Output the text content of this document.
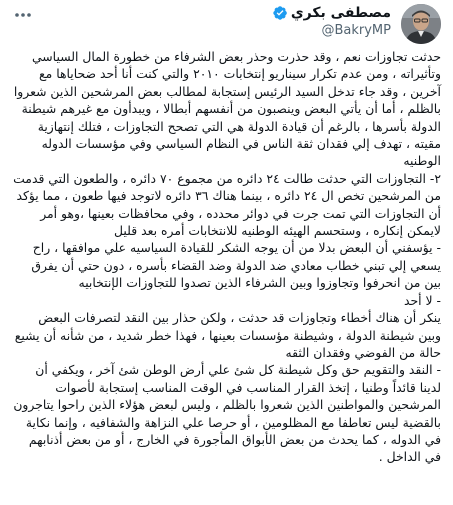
مصطفى بكري
@BakryMP

حدثت تجاوزات نعم ، وقد حذرت وحذر بعض الشرفاء من خطورة المال السياسي وتأثيراته ، ومن عدم تكرار سيناريو إنتخابات ٢٠١٠ والتي كنت أنا أحد ضحاياها مع آخرين ، وقد جاء تدخل السيد الرئيس إستجابة لمطالب بعض المرشحين الذين شعروا بالظلم ، أما أن يأتي البعض وينصبون من أنفسهم أبطالا ، ويبدأون مع غيرهم شيطنة الدولة بأسرها ، بالرغم أن قيادة الدولة هي التي تصحح التجاوزات ، فتلك إنتهازية مقيته ، تهدف إلي فقدان ثقة الناس في النظام السياسي وفي مؤسسات الدوله الوطنيه

٢- التجاوزات التي حدثت طالت ٢٤ دائره من مجموع ٧٠ دائره ، والطعون التي قدمت من المرشحين تخص ال ٢٤ دائره ، بينما هناك ٣٦ دائره لاتوجد فيها طعون ، مما يؤكد أن التجاوزات التي تمت جرت في دوائر محدده ، وفي محافظات بعينها ،وهو أمر لايمكن إنكاره ، وستحسم الهيئه الوطنيه للانتخابات أمره بعد قليل

- يؤسفني أن البعض بدلا من أن يوجه الشكر للقيادة السياسيه علي موافقها ، راح يسعي إلي تبني خطاب معادي ضد الدولة وضد القضاء بأسره ، دون حتي أن يفرق بين من انحرفوا وتجاوزوا وبين الشرفاء الذين تصدوا للتجاوزات الإنتخابيه

- لا أحد

ينكر أن هناك أخطاء وتجاوزات قد حدثت ، ولكن حذار بين النقد لتصرفات البعض وبين شيطنة الدولة ، وشيطنة مؤسسات بعينها ، فهذا خطر شديد ، من شأنه أن يشيع حالة من الفوضي وفقدان الثقه

- النقد والتقويم حق وكل شيطنة كل شئ علي أرض الوطن شئ آخر ، ويكفي أن لدينا قائداً وطنيا ، إتخذ القرار المناسب في الوقت المناسب إستجابة لأصوات المرشحين والمواطنين الذين شعروا بالظلم ، وليس لبعض هؤلاء الذين راحوا يتاجرون بالقضية ليس تعاطفا مع المظلومين ، أو حرصا علي النزاهة والشفافيه ، وإنما نكاية في الدوله ، كما يحدث من بعض الأبواق المأجورة في الخارج ، أو من بعض أذنابهم في الداخل .
